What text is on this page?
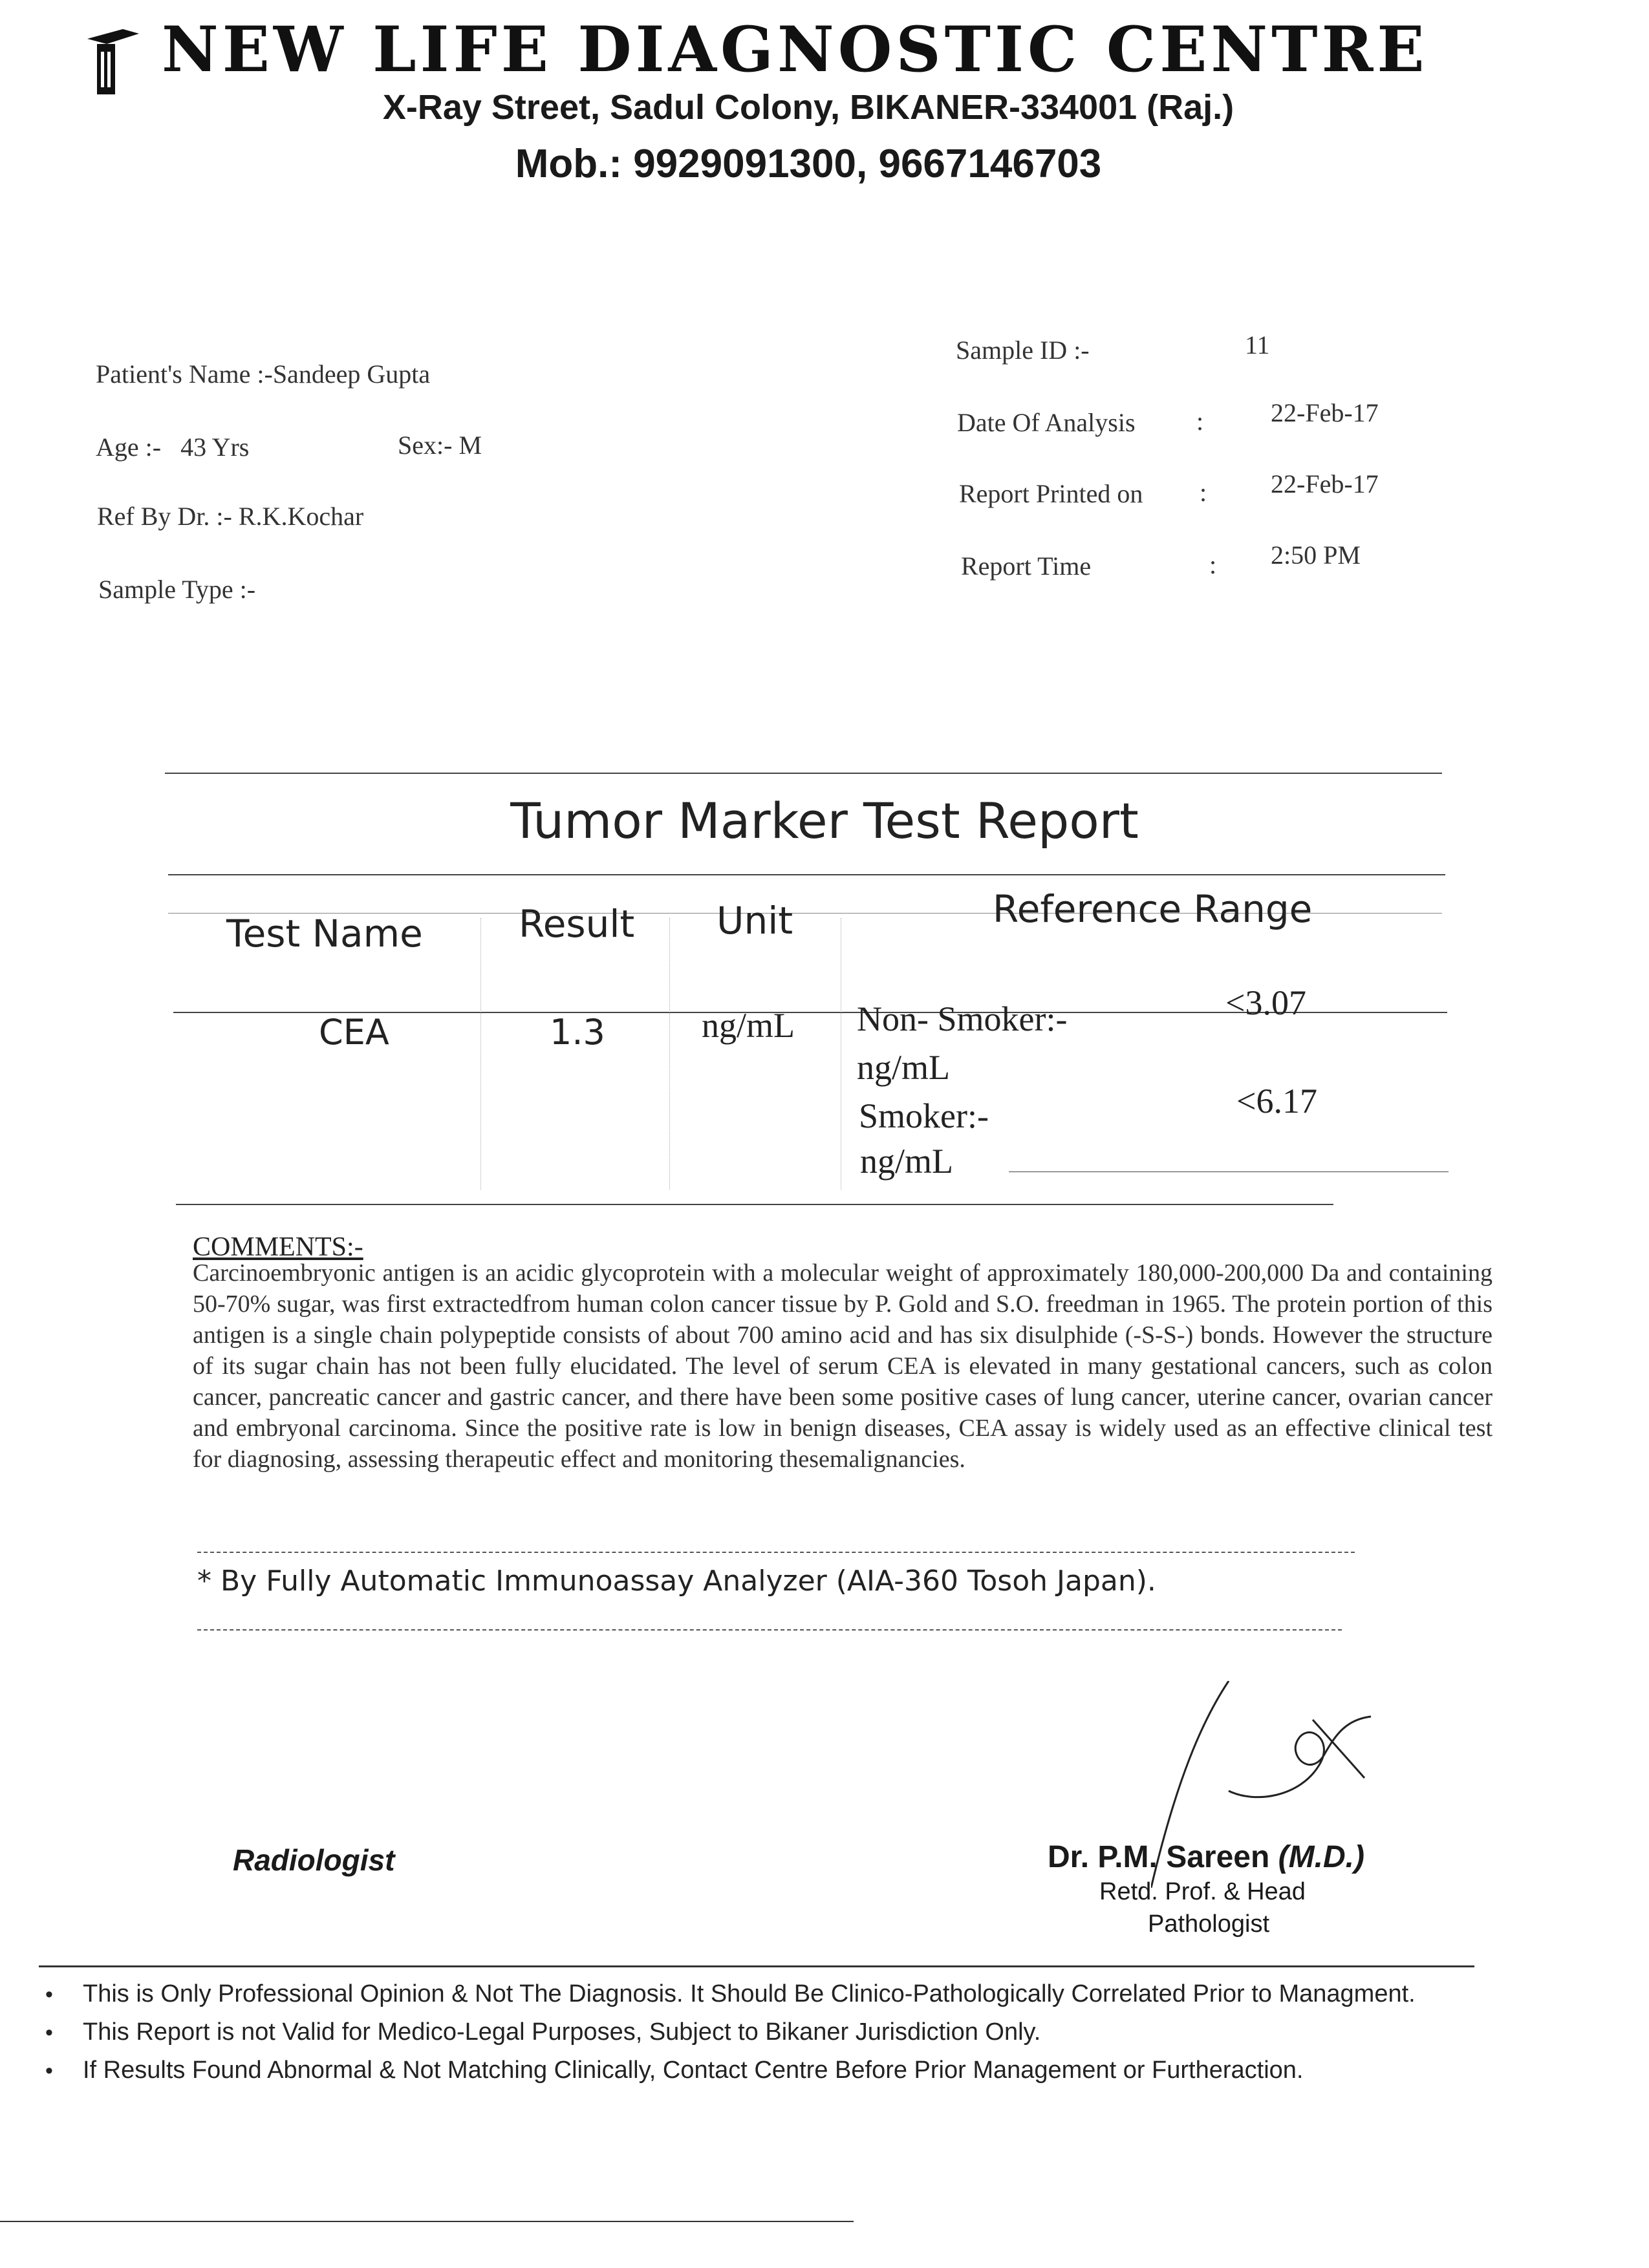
NEW LIFE DIAGNOSTIC CENTRE
X-Ray Street, Sadul Colony, BIKANER-334001 (Raj.)
Mob.: 9929091300, 9667146703
Patient's Name :-Sandeep Gupta
Age :- 43 Yrs	Sex:- M
Ref By Dr. :- R.K.Kochar
Sample Type :-
Sample ID :-	11
Date Of Analysis :	22-Feb-17
Report Printed on : 22-Feb-17
Report Time	: 2:50 PM
Tumor Marker Test Report
Test Name	Result Unit	Reference Range
CEA	1.3	ng/mL Non- Smoker:-	<3.07
ng/mL
Smoker:-	<6.17
ng/mL
COMMENTS:-
Carcinoembryonic antigen is an acidic glycoprotein with a molecular weight of approximately 180,000-200,000 Da and containing 50-70% sugar, was first extractedfrom human colon cancer tissue by P. Gold and S.O. freedman in 1965. The protein portion of this antigen is a single chain polypeptide consists of about 700 amino acid and has six disulphide (-S-S-) bonds. However the structure of its sugar chain has not been fully elucidated. The level of serum CEA is elevated in many gestational cancers, such as colon cancer, pancreatic cancer and gastric cancer, and there have been some positive cases of lung cancer, uterine cancer, ovarian cancer and embryonal carcinoma. Since the positive rate is low in benign diseases, CEA assay is widely used as an effective clinical test for diagnosing, assessing therapeutic effect and monitoring thesemalignancies.
* By Fully Automatic Immunoassay Analyzer (AIA-360 Tosoh Japan).
Radiologist	Dr. P.M. Sareen (M.D.)
Retd. Prof. & Head
Pathologist
• This is Only Professional Opinion & Not The Diagnosis. It Should Be Clinico-Pathologically Correlated Prior to Managment.
• This Report is not Valid for Medico-Legal Purposes, Subject to Bikaner Jurisdiction Only.
• If Results Found Abnormal & Not Matching Clinically, Contact Centre Before Prior Management or Furtheraction.
